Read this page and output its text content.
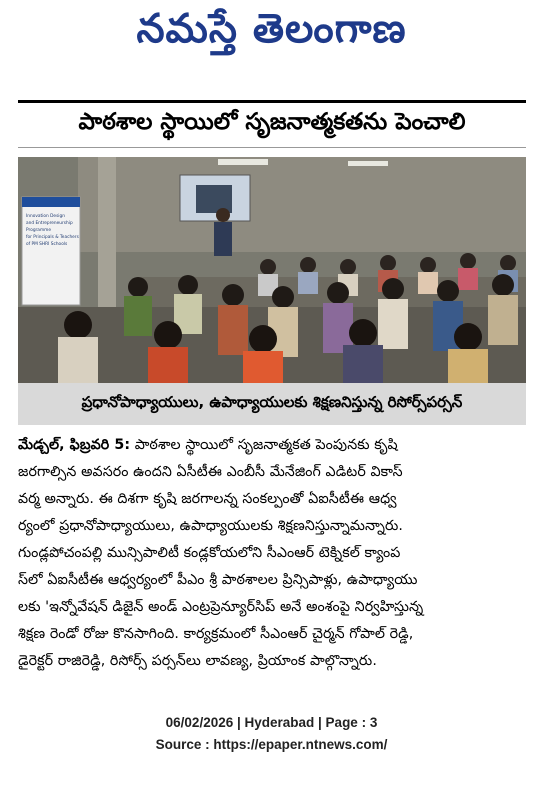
నమస్తే తెలంగాణ
పాఠశాల స్థాయిలో సృజనాత్మకతను పెంచాలి
Innovation Design
and Entrepreneurship
Programme
for Principals & Teachers
of PM SHRI Schools
ప్రధానోపాధ్యాయులు, ఉపాధ్యాయులకు శిక్షణనిస్తున్న రిసోర్స్‌పర్సన్
మేడ్చల్, ఫిబ్రవరి 5: పాఠశాల స్థాయిలో సృజనాత్మకత పెంపునకు కృషి
జరగాల్సిన అవసరం ఉందని ఏసీటీఈ ఎంబీసీ మేనేజింగ్ ఎడిటర్ వికాస్
వర్మ అన్నారు. ఈ దిశగా కృషి జరగాలన్న సంకల్పంతో ఏఐసీటీఈ ఆధ్వ
ర్యంలో ప్రధానోపాధ్యాయులు, ఉపాధ్యాయులకు శిక్షణనిస్తున్నామన్నారు.
గుండ్లపోచంపల్లి మున్సిపాలిటీ కండ్లకోయలోని సీఎంఆర్ టెక్నికల్ క్యాంప
స్‌లో ఏఐసీటీఈ ఆధ్వర్యంలో పీఎం శ్రీ పాఠశాలల ప్రిన్సిపాళ్లు, ఉపాధ్యాయు
లకు 'ఇన్నోవేషన్ డిజైన్ అండ్ ఎంట్రప్రెన్యూర్‌సిప్ అనే అంశంపై నిర్వహిస్తున్న
శిక్షణ రెండో రోజు కొనసాగింది. కార్యక్రమంలో సీఎంఆర్ చైర్మన్ గోపాల్ రెడ్డి,
డైరెక్టర్ రాజిరెడ్డి, రిసోర్స్ పర్సన్‌లు లావణ్య, ప్రియాంక పాల్గొన్నారు.
06/02/2026 | Hyderabad | Page : 3
Source : https://epaper.ntnews.com/
